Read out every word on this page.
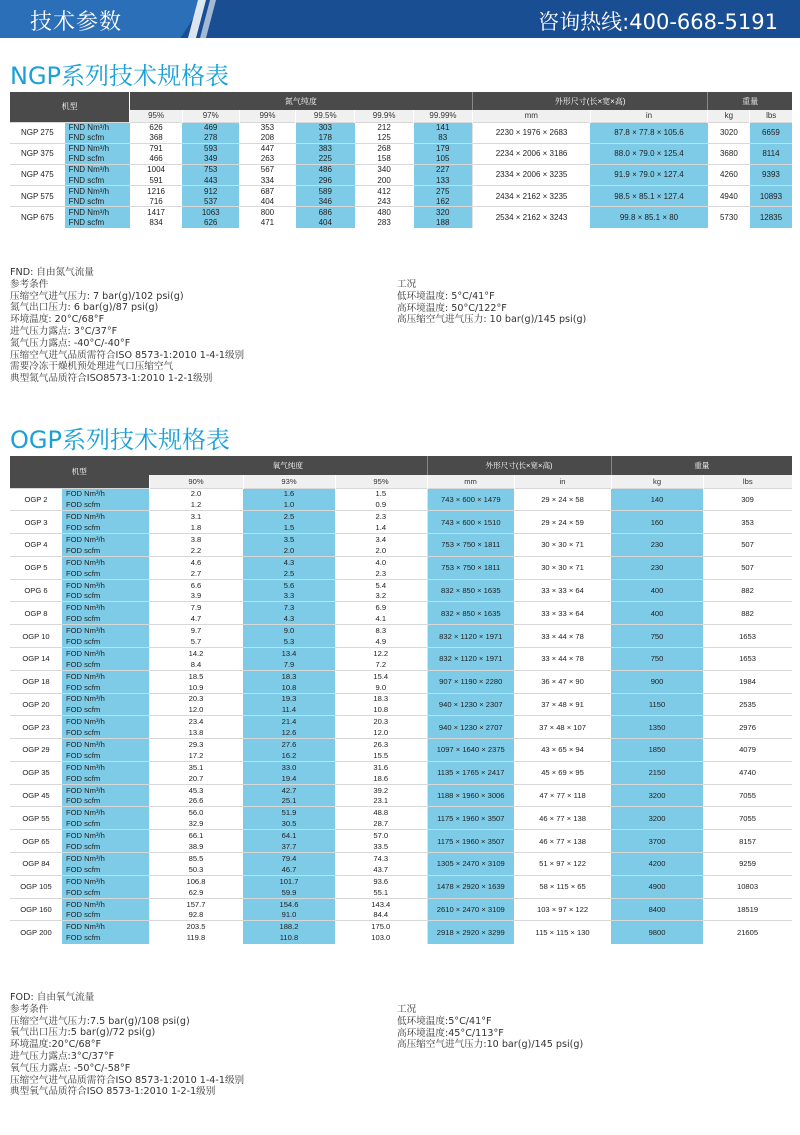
技术参数	咨询热线:400-668-5191
NGP系列技术规格表
机型		氮气纯度						外形尺寸(长×宽×高)		重量	
		95%	97%	99%	99.5%	99.9%	99.99%	mm	in	kg	lbs
NGP 275	FND Nm³/h	626	469	353	303	212	141	2230 × 1976 × 2683	87.8 × 77.8 × 105.6	3020	6659
	FND scfm	368	278	208	178	125	83				
NGP 375	FND Nm³/h	791	593	447	383	268	179	2234 × 2006 × 3186	88.0 × 79.0 × 125.4	3680	8114
	FND scfm	466	349	263	225	158	105				
NGP 475	FND Nm³/h	1004	753	567	486	340	227	2334 × 2006 × 3235	91.9 × 79.0 × 127.4	4260	9393
	FND scfm	591	443	334	296	200	133				
NGP 575	FND Nm³/h	1216	912	687	589	412	275	2434 × 2162 × 3235	98.5 × 85.1 × 127.4	4940	10893
	FND scfm	716	537	404	346	243	162				
NGP 675	FND Nm³/h	1417	1063	800	686	480	320	2534 × 2162 × 3243	99.8 × 85.1 × 80	5730	12835
	FND scfm	834	626	471	404	283	188				
FND: 自由氮气流量
参考条件
压缩空气进气压力: 7 bar(g)/102 psi(g)
氮气出口压力: 6 bar(g)/87 psi(g)
环境温度: 20°C/68°F
进气压力露点: 3°C/37°F
氮气压力露点: -40°C/-40°F
压缩空气进气品质需符合ISO 8573-1:2010 1-4-1级别
需要冷冻干燥机预处理进气口压缩空气
典型氮气品质符合ISO8573-1:2010 1-2-1级别
工况
低环境温度: 5°C/41°F
高环境温度: 50°C/122°F
高压缩空气进气压力: 10 bar(g)/145 psi(g)
OGP系列技术规格表
机型		氧气纯度			外形尺寸(长×宽×高)		重量	
		90%	93%	95%	mm	in	kg	lbs
OGP 2	FOD Nm³/h	2.0	1.6	1.5	743 × 600 × 1479	29 × 24 × 58	140	309
	FOD scfm	1.2	1.0	0.9				
OGP 3	FOD Nm³/h	3.1	2.5	2.3	743 × 600 × 1510	29 × 24 × 59	160	353
	FOD scfm	1.8	1.5	1.4				
OGP 4	FOD Nm³/h	3.8	3.5	3.4	753 × 750 × 1811	30 × 30 × 71	230	507
	FOD scfm	2.2	2.0	2.0				
OGP 5	FOD Nm³/h	4.6	4.3	4.0	753 × 750 × 1811	30 × 30 × 71	230	507
	FOD scfm	2.7	2.5	2.3				
OPG 6	FOD Nm³/h	6.6	5.6	5.4	832 × 850 × 1635	33 × 33 × 64	400	882
	FOD scfm	3.9	3.3	3.2				
OGP 8	FOD Nm³/h	7.9	7.3	6.9	832 × 850 × 1635	33 × 33 × 64	400	882
	FOD scfm	4.7	4.3	4.1				
OGP 10	FOD Nm³/h	9.7	9.0	8.3	832 × 1120 × 1971	33 × 44 × 78	750	1653
	FOD scfm	5.7	5.3	4.9				
OGP 14	FOD Nm³/h	14.2	13.4	12.2	832 × 1120 × 1971	33 × 44 × 78	750	1653
	FOD scfm	8.4	7.9	7.2				
OGP 18	FOD Nm³/h	18.5	18.3	15.4	907 × 1190 × 2280	36 × 47 × 90	900	1984
	FOD scfm	10.9	10.8	9.0				
OGP 20	FOD Nm³/h	20.3	19.3	18.3	940 × 1230 × 2307	37 × 48 × 91	1150	2535
	FOD scfm	12.0	11.4	10.8				
OGP 23	FOD Nm³/h	23.4	21.4	20.3	940 × 1230 × 2707	37 × 48 × 107	1350	2976
	FOD scfm	13.8	12.6	12.0				
OGP 29	FOD Nm³/h	29.3	27.6	26.3	1097 × 1640 × 2375	43 × 65 × 94	1850	4079
	FOD scfm	17.2	16.2	15.5				
OGP 35	FOD Nm³/h	35.1	33.0	31.6	1135 × 1765 × 2417	45 × 69 × 95	2150	4740
	FOD scfm	20.7	19.4	18.6				
OGP 45	FOD Nm³/h	45.3	42.7	39.2	1188 × 1960 × 3006	47 × 77 × 118	3200	7055
	FOD scfm	26.6	25.1	23.1				
OGP 55	FOD Nm³/h	56.0	51.9	48.8	1175 × 1960 × 3507	46 × 77 × 138	3200	7055
	FOD scfm	32.9	30.5	28.7				
OGP 65	FOD Nm³/h	66.1	64.1	57.0	1175 × 1960 × 3507	46 × 77 × 138	3700	8157
	FOD scfm	38.9	37.7	33.5				
OGP 84	FOD Nm³/h	85.5	79.4	74.3	1305 × 2470 × 3109	51 × 97 × 122	4200	9259
	FOD scfm	50.3	46.7	43.7				
OGP 105	FOD Nm³/h	106.8	101.7	93.6	1478 × 2920 × 1639	58 × 115 × 65	4900	10803
	FOD scfm	62.9	59.9	55.1				
OGP 160	FOD Nm³/h	157.7	154.6	143.4	2610 × 2470 × 3109	103 × 97 × 122	8400	18519
	FOD scfm	92.8	91.0	84.4				
OGP 200	FOD Nm³/h	203.5	188.2	175.0	2918 × 2920 × 3299	115 × 115 × 130	9800	21605
	FOD scfm	119.8	110.8	103.0				
FOD: 自由氧气流量
参考条件
压缩空气进气压力:7.5 bar(g)/108 psi(g)
氧气出口压力:5 bar(g)/72 psi(g)
环境温度:20°C/68°F
进气压力露点:3°C/37°F
氧气压力露点: -50°C/-58°F
压缩空气进气品质需符合ISO 8573-1:2010 1-4-1级别
典型氧气品质符合ISO 8573-1:2010 1-2-1级别
工况
低环境温度:5°C/41°F
高环境温度:45°C/113°F
高压缩空气进气压力:10 bar(g)/145 psi(g)
